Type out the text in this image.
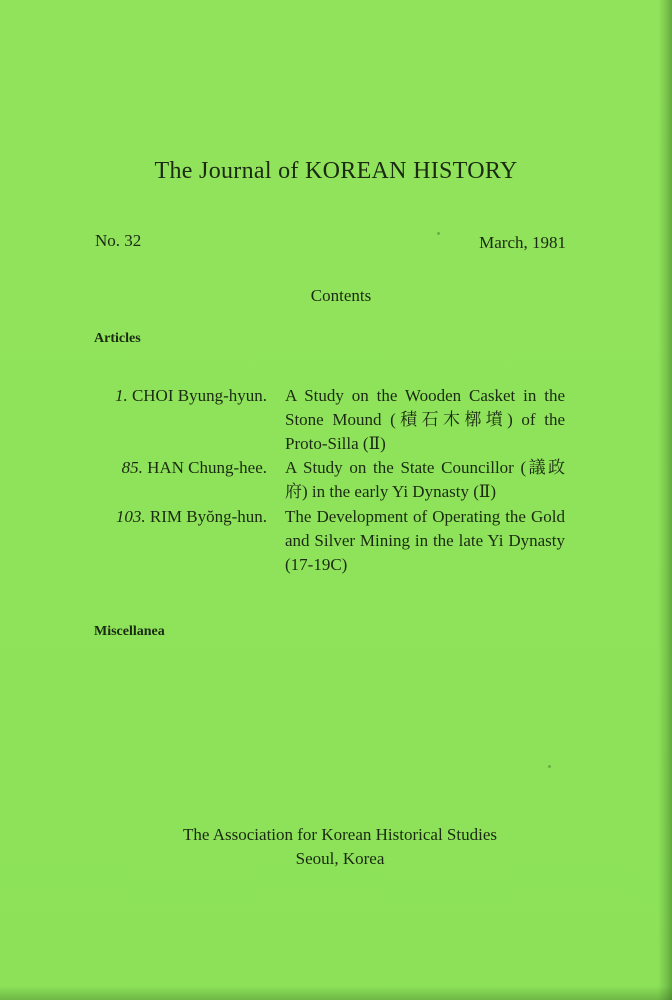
The Journal of KOREAN HISTORY
No. 32	March, 1981
Contents
Articles
1. CHOI Byung-hyun. A Study on the Wooden Casket in the Stone Mound (積石木槨墳) of the Proto-Silla (Ⅱ)
85. HAN Chung-hee. A Study on the State Councillor (議政府) in the early Yi Dynasty (Ⅱ)
103. RIM Byŏng-hun. The Development of Operating the Gold and Silver Mining in the late Yi Dynasty (17-19C)
Miscellanea
The Association for Korean Historical Studies
Seoul, Korea
